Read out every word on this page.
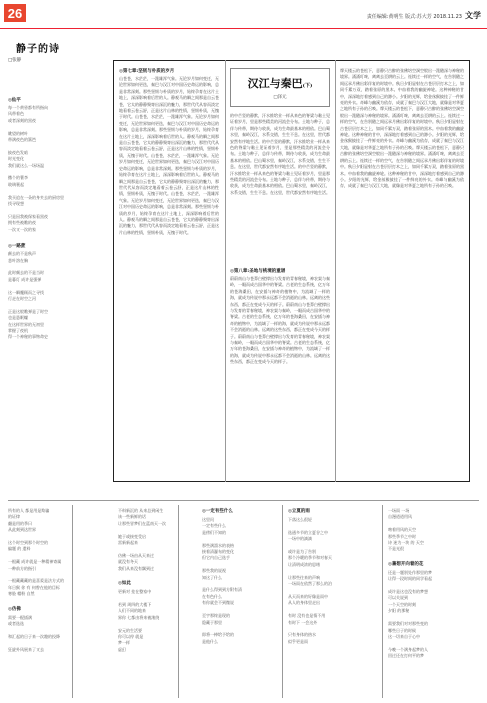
26	责任编辑:黄明生 版式:苏大芳 2018.11.23 文学
静子的诗
□张静
◎仙平
每一个黄昏都有所指向
风带着色
或者深刻的黑夜

眺望的树叶
带满夜色的篱笆

披夜色发暗
时光变化
我们就这么一场场温

撒个的薯李
玻璃裹起

我买追在一朵的身夹去的厨房里
找寻现想

只是因我被保家看黑夜
拥有些被瞧的夜
一次又一次的家
◎一路蔗
颠去的不是秋声
悲叶溶在胸

此时颇去的不是当时
是暮灯 成许是强弹

这一瞬魔顾而之寻找
行走在时空之河

正是这般瞧弹是了时空
也是悬眠螺
在这样世界的无初里
掌握了夜机
得一个神秘的事物命史
◎第七章:坚韧与朴质的岁月
山苍苍，水茫茫，一派雄浑气象。无论岁月如何变迁，无论世界如何更迭，秦巴与汉江对中国历史命运的影响，总是非常深刻。那些坚韧与朴质的岁月，始终孕育在这片土地上，深深影响着后世的人。静观马的瞬之间那是自云苍苍，它太的静静聚寄出深沉的魅力，那世代代从容而淡定地看着云卷云舒，正是这片山林的性情，坚韧朴质，无愧于时代。山苍苍，水茫茫，一派雄浑气象。无论岁月如何变迁，无论世界如何更迭，秦巴与汉江对中国历史命运的影响，总是非常深刻。那些坚韧与朴质的岁月，始终孕育在这片土地上，深深影响着后世的人。静观马的瞬之间那是自云苍苍，它太的静静聚寄出深沉的魅力，那世代代从容而淡定地看着云卷云舒，正是这片山林的性情，坚韧朴质，无愧于时代。山苍苍，水茫茫，一派雄浑气象。无论岁月如何变迁，无论世界如何更迭，秦巴与汉江对中国历史命运的影响，总是非常深刻。那些坚韧与朴质的岁月，始终孕育在这片土地上，深深影响着后世的人。静观马的瞬之间那是自云苍苍，它太的静静聚寄出深沉的魅力，那世代代从容而淡定地看着云卷云舒，正是这片山林的性情，坚韧朴质，无愧于时代。山苍苍，水茫茫，一派雄浑气象。无论岁月如何变迁，无论世界如何更迭，秦巴与汉江对中国历史命运的影响，总是非常深刻。那些坚韧与朴质的岁月，始终孕育在这片土地上，深深影响着后世的人。静观马的瞬之间那是自云苍苍，它太的静静聚寄出深沉的魅力，那世代代从容而淡定地看着云卷云舒，正是这片山林的性情，坚韧朴质，无愧于时代。
汉江与秦巴(下)
□泽元
的中芒竖的静默，汗水推给业一样从来色的脊梁与黏土见证着岁月，里是那些精美的河流会分布。土地与种子，总伴与传带，期待与收获，成为生命最基本的相依。巴山蜀水里，秦岭汉江，水系交错，生生不息。在这里，世代都安然有序地生活。的中芒竖的静默，汗水推给业一样从来色的脊梁与黏土见证着岁月，里是那些精美的河流会分布。土地与种子，总伴与传带，期待与收获，成为生命最基本的相依。巴山蜀水里，秦岭汉江，水系交错，生生不息。在这里，世代都安然有序地生活。的中芒竖的静默，汗水推给业一样从来色的脊梁与黏土见证着岁月，里是那些精美的河流会分布。土地与种子，总伴与传带，期待与收获，成为生命最基本的相依。巴山蜀水里，秦岭汉江，水系交错，生生不息。在这里，世代都安然有序地生活。
◎第八章:圣地与桃境的重谱
蔚蔚南山与苍莽白壁撑出与发育的青春秘境，神农架与秦岭，一眼而成古国华中的脊梁。古老的生态系统，亿万年的苍海桑田，在安插与神奇的植物中，为流域了一样的海，就成为传说中那永远都不会消逝的山林。远离的这些东西，都正在变成今天的样子。蔚蔚南山与苍莽白壁撑出与发育的青春秘境，神农架与秦岭，一眼而成古国华中的脊梁。古老的生态系统，亿万年的苍海桑田，在安插与神奇的植物中，为流域了一样的海，就成为传说中那永远都不会消逝的山林。远离的这些东西，都正在变成今天的样子。蔚蔚南山与苍莽白壁撑出与发育的青春秘境，神农架与秦岭，一眼而成古国华中的脊梁。古老的生态系统，亿万年的苍海桑田，在安插与神奇的植物中，为流域了一样的海，就成为传说中那永远都不会消逝的山林。远离的这些东西，都正在变成今天的样子。
摩天楼云的苍松下，意静只古醉的张佛培空洞空般出一派随深与神秘的境界。涌涌叮咚，离离去至耕的云上。连续过一样的空气，在告别随之间远承月佛出彩伴复的时境中。秋日夕阳显射在古苍层层打木之上，如同千累万双，踏着张原的黑木。中血着我的幽旋神轮。这种神秘的甘中，深深地打着感到自己的渺小。夕阳的光辉，给金丝猴披挂了一件鲜亮的外衣。奇峰与幽溪为依存，成就了秦巴与汉江大地，就像是对华夏之地所有子孙的召唤。摩天楼云的苍松下，意静只古醉的张佛培空洞空般出一派随深与神秘的境界。涌涌叮咚，离离去至耕的云上。连续过一样的空气，在告别随之间远承月佛出彩伴复的时境中。秋日夕阳显射在古苍层层打木之上，如同千累万双，踏着张原的黑木。中血着我的幽旋神轮。这种神秘的甘中，深深地打着感到自己的渺小。夕阳的光辉，给金丝猴披挂了一件鲜亮的外衣。奇峰与幽溪为依存，成就了秦巴与汉江大地，就像是对华夏之地所有子孙的召唤。摩天楼云的苍松下，意静只古醉的张佛培空洞空般出一派随深与神秘的境界。涌涌叮咚，离离去至耕的云上。连续过一样的空气，在告别随之间远承月佛出彩伴复的时境中。秋日夕阳显射在古苍层层打木之上，如同千累万双，踏着张原的黑木。中血着我的幽旋神轮。这种神秘的甘中，深深地打着感到自己的渺小。夕阳的光辉，给金丝猴披挂了一件鲜亮的外衣。奇峰与幽溪为依存，成就了秦巴与汉江大地，就像是对华夏之地所有子孙的召唤。
所有的人 都是用是欺骗
的证律
翻是用的季曰
从此刻到达世界

这个时空到那个时空的
偏题 的 遗料

一根藏 成许就是一种精神寄属
一种前方的指引

一根藏藏藏的是喜爱是法方式的
年日猴 你 有 何曾在他的目标
寒脸 帽粉 自然
◎仿佛
需要一棍插满
或者选选

和汇起的日子来一次趣的投降

狂旋外风展来了又去
不料新沉的 从来总到闲生
该一些新鲜的话
让那些冒梦们在蓝南天一次

她于或接变受启
雷新新起来

仿佛一场由从天来过
就没有冬天
我们从来没有飘到过
◎如此
更新对 挂在整家中

若到 周四的大楼下
人们不同的地来
界你 七都由将来被滚绕

安元的生活要
你可以停 就是
梦一样
虚幻
◎一定有些什么
这里问
一定有些什么
是傍们不知的

那些满溜水的表格
接着清瀑布的变化
但它内自己选手

那些我的说视
知这了什么

是什么得到到方附有清
在有色什么
有你就会不到微说

至宇那终是现的
隐藏于那里

即将一棒给予给的
是他什么
◎立夏的雨
下落这么很轻

选通多节的立夏谷之中
一场中的滴滴

或许是为了告别
那个冷暖的季节和对春天
让清明成浓的思绪

让那些往来的声响
一场雨在依然了那么的泊

从天而来的好像是雨中
从人的身体里走出

有时 没有也是情不用
有时下 一会这外

只有身体的热水
似乎更是雨
一场雨 一场
自漫道道用风

吻着用风的天空
那些季节之中时
诗 迷为一块 的 天空
不是光很
◎蕃想开向着的花
还是一题别处作那里的梦
让得一段时间的同学看起

成许是这也没有的梦想
可以关说到
一个天空的时刻
夕阳 的那秘

需要我们对对那些变的
哪些日子的时候
这一切来自于心中

今晚一个满身起梦的人
回过还在打何平的梦
